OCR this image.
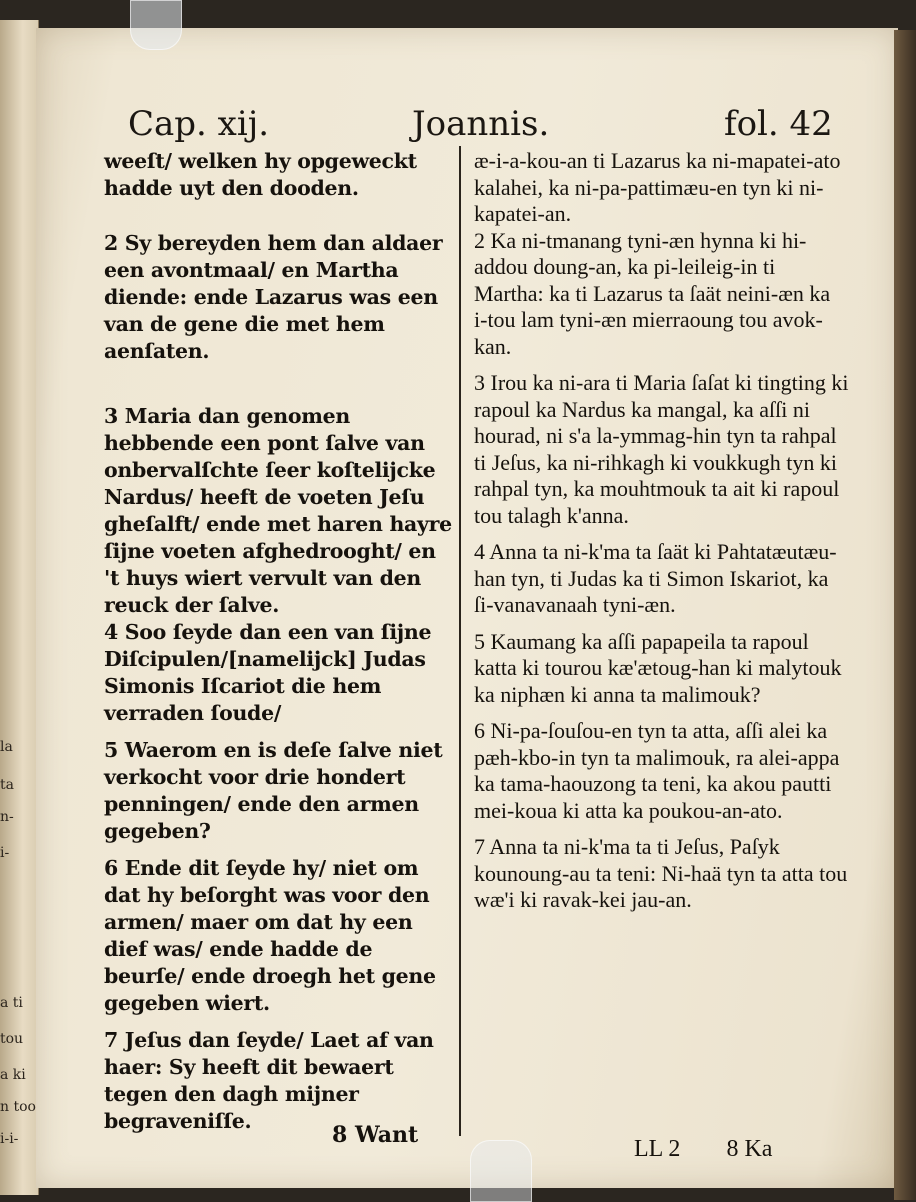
la
ta
n-
i-
a ti
tou
a ki
n too
i-i-
Cap. xij.	Joannis.	fol. 42

weeſt/ welken hy opgeweckt hadde uyt den dooden.

2 Sy bereyden hem dan aldaer een avontmaal/ en Martha diende: ende Lazarus was een van de gene die met hem aenſaten.

3 Maria dan genomen hebbende een pont ſalve van onbervalſchte ſeer koſtelijcke Nardus/ heeft de voeten Jeſu gheſalft/ ende met haren hayre ſijne voeten afghedrooght/ en 't huys wiert vervult van den reuck der ſalve.

4 Soo ſeyde dan een van ſijne Diſcipulen/[namelijck] Judas Simonis Iſcariot die hem verraden ſoude/

5 Waerom en is deſe ſalve niet verkocht voor drie hondert penningen/ ende den armen gegeben?

6 Ende dit ſeyde hy/ niet om dat hy beſorght was voor den armen/ maer om dat hy een dief was/ ende hadde de beurſe/ ende droegh het gene gegeben wiert.

7 Jeſus dan ſeyde/ Laet af van haer: Sy heeft dit bewaert tegen den dagh mijner begraveniſſe.

æ-i-a-kou-an ti Lazarus ka ni-mapatei-ato kalahei, ka ni-pa-pattimæu-en tyn ki ni-kapatei-an.

2 Ka ni-tmanang tyni-æn hynna ki hi-addou doung-an, ka pi-leileig-in ti Martha: ka ti Lazarus ta ſaät neini-æn ka i-tou lam tyni-æn mierraoung tou avok-kan.

3 Irou ka ni-ara ti Maria ſaſat ki tingting ki rapoul ka Nardus ka mangal, ka aſſi ni hourad, ni s'a la-ymmag-hin tyn ta rahpal ti Jeſus, ka ni-rihkagh ki voukkugh tyn ki rahpal tyn, ka mouhtmouk ta ait ki rapoul tou talagh k'anna.

4 Anna ta ni-k'ma ta ſaät ki Pahtatæutæu-han tyn, ti Judas ka ti Simon Iskariot, ka ſi-vanavanaah tyni-æn.

5 Kaumang ka aſſi papapeila ta rapoul katta ki tourou kæ'ætoug-han ki malytouk ka niphæn ki anna ta malimouk?

6 Ni-pa-ſouſou-en tyn ta atta, aſſi alei ka pæh-kbo-in tyn ta malimouk, ra alei-appa ka tama-haouzong ta teni, ka akou pautti mei-koua ki atta ka poukou-an-ato.

7 Anna ta ni-k'ma ta ti Jeſus, Paſyk kounoung-au ta teni: Ni-haä tyn ta atta tou wæ'i ki ravak-kei jau-an.

8 Want
LL 2 8 Ka
